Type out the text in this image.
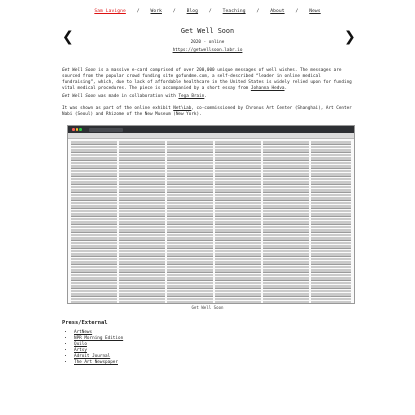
Sam Lavigne / Work / Blog / Teaching / About / News
❮	❯
Get Well Soon
2020 · online
https://getwellsoon.labr.io
Get Well Soon is a massive e-card comprised of over 200,000 unique messages of well wishes. The messages are sourced from the popular crowd funding site gofundme.com, a self-described “leader in online medical fundraising”, which, due to lack of affordable healthcare in the United States is widely relied upon for funding vital medical procedures. The piece is accompanied by a short essay from Johanna Hedva.
Get Well Soon was made in collaboration with Tega Brain.
It was shown as part of the online exhibit Net\Lab, co-commissioned by Chronus Art Center (Shanghai), Art Center Nabi (Seoul) and Rhizome of the New Museum (New York).
Get Well Soon
Press/External
• ArtNews
• NPR Morning Edition
• Quilo
• Artsy
• Adroit Journal
• The Art Newspaper
